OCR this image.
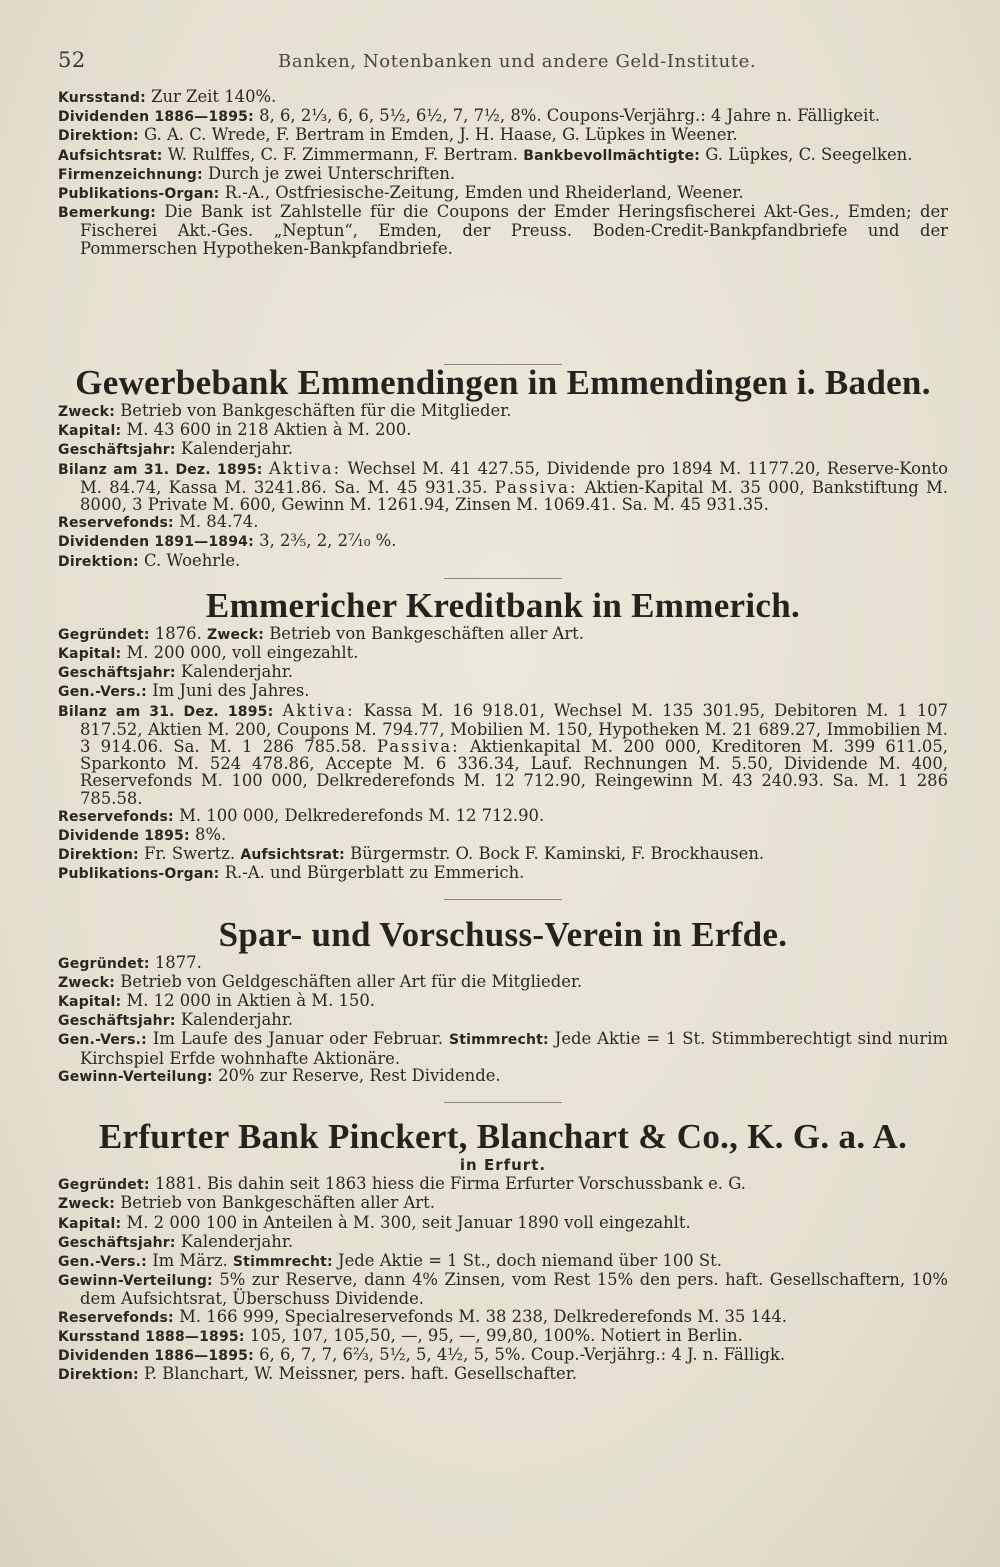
52	Banken, Notenbanken und andere Geld-Institute.

Kursstand: Zur Zeit 140%.

Dividenden 1886—1895: 8, 6, 2⅓, 6, 6, 5½, 6½, 7, 7½, 8%. Coupons-Verjährg.: 4 Jahre n. Fälligkeit.

Direktion: G. A. C. Wrede, F. Bertram in Emden, J. H. Haase, G. Lüpkes in Weener.

Aufsichtsrat: W. Rulffes, C. F. Zimmermann, F. Bertram. Bankbevollmächtigte: G. Lüpkes, C. Seegelken.

Firmenzeichnung: Durch je zwei Unterschriften.

Publikations-Organ: R.-A., Ostfriesische-Zeitung, Emden und Rheiderland, Weener.

Bemerkung: Die Bank ist Zahlstelle für die Coupons der Emder Heringsfischerei Akt-Ges., Emden; der Fischerei Akt.-Ges. „Neptun“, Emden, der Preuss. Boden-Credit-Bankpfandbriefe und der Pommerschen Hypotheken-Bankpfandbriefe.

Gewerbebank Emmendingen in Emmendingen i. Baden.

Zweck: Betrieb von Bankgeschäften für die Mitglieder.

Kapital: M. 43 600 in 218 Aktien à M. 200.

Geschäftsjahr: Kalenderjahr.

Bilanz am 31. Dez. 1895: Aktiva: Wechsel M. 41 427.55, Dividende pro 1894 M. 1177.20, Reserve-Konto M. 84.74, Kassa M. 3241.86. Sa. M. 45 931.35. Passiva: Aktien-Kapital M. 35 000, Bankstiftung M. 8000, 3 Private M. 600, Gewinn M. 1261.94, Zinsen M. 1069.41. Sa. M. 45 931.35.

Reservefonds: M. 84.74.

Dividenden 1891—1894: 3, 2⅗, 2, 2⁷⁄₁₀ %.

Direktion: C. Woehrle.

Emmericher Kreditbank in Emmerich.

Gegründet: 1876. Zweck: Betrieb von Bankgeschäften aller Art.

Kapital: M. 200 000, voll eingezahlt.

Geschäftsjahr: Kalenderjahr.

Gen.-Vers.: Im Juni des Jahres.

Bilanz am 31. Dez. 1895: Aktiva: Kassa M. 16 918.01, Wechsel M. 135 301.95, Debitoren M. 1 107 817.52, Aktien M. 200, Coupons M. 794.77, Mobilien M. 150, Hypotheken M. 21 689.27, Immobilien M. 3 914.06. Sa. M. 1 286 785.58. Passiva: Aktienkapital M. 200 000, Kreditoren M. 399 611.05, Sparkonto M. 524 478.86, Accepte M. 6 336.34, Lauf. Rechnungen M. 5.50, Dividende M. 400, Reservefonds M. 100 000, Delkrederefonds M. 12 712.90, Reingewinn M. 43 240.93. Sa. M. 1 286 785.58.

Reservefonds: M. 100 000, Delkrederefonds M. 12 712.90.

Dividende 1895: 8%.

Direktion: Fr. Swertz. Aufsichtsrat: Bürgermstr. O. Bock F. Kaminski, F. Brockhausen.

Publikations-Organ: R.-A. und Bürgerblatt zu Emmerich.

Spar- und Vorschuss-Verein in Erfde.

Gegründet: 1877.

Zweck: Betrieb von Geldgeschäften aller Art für die Mitglieder.

Kapital: M. 12 000 in Aktien à M. 150.

Geschäftsjahr: Kalenderjahr.

Gen.-Vers.: Im Laufe des Januar oder Februar. Stimmrecht: Jede Aktie = 1 St. Stimmberechtigt sind nurim Kirchspiel Erfde wohnhafte Aktionäre.

Gewinn-Verteilung: 20% zur Reserve, Rest Dividende.

Erfurter Bank Pinckert, Blanchart & Co., K. G. a. A.

in Erfurt.

Gegründet: 1881. Bis dahin seit 1863 hiess die Firma Erfurter Vorschussbank e. G.

Zweck: Betrieb von Bankgeschäften aller Art.

Kapital: M. 2 000 100 in Anteilen à M. 300, seit Januar 1890 voll eingezahlt.

Geschäftsjahr: Kalenderjahr.

Gen.-Vers.: Im März. Stimmrecht: Jede Aktie = 1 St., doch niemand über 100 St.

Gewinn-Verteilung: 5% zur Reserve, dann 4% Zinsen, vom Rest 15% den pers. haft. Gesellschaftern, 10% dem Aufsichtsrat, Überschuss Dividende.

Reservefonds: M. 166 999, Specialreservefonds M. 38 238, Delkrederefonds M. 35 144.

Kursstand 1888—1895: 105, 107, 105,50, —, 95, —, 99,80, 100%. Notiert in Berlin.

Dividenden 1886—1895: 6, 6, 7, 7, 6⅔, 5½, 5, 4½, 5, 5%. Coup.-Verjährg.: 4 J. n. Fälligk.

Direktion: P. Blanchart, W. Meissner, pers. haft. Gesellschafter.
